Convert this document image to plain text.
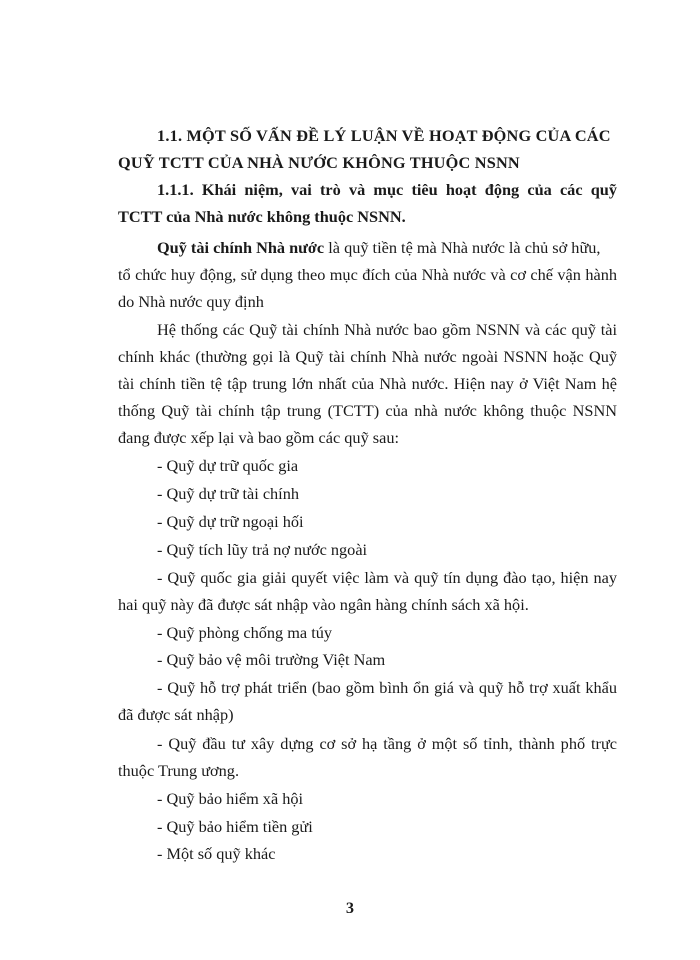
1.1. MỘT SỐ VẤN ĐỀ LÝ LUẬN VỀ HOẠT ĐỘNG CỦA CÁC
QUỸ TCTT CỦA NHÀ NƯỚC KHÔNG THUỘC NSNN
1.1.1. Khái niệm, vai trò và mục tiêu hoạt động của các quỹ
TCTT của Nhà nước không thuộc NSNN.
Quỹ tài chính Nhà nước là quỹ tiền tệ mà Nhà nước là chủ sở hữu,
tổ chức huy động, sử dụng theo mục đích của Nhà nước và cơ chế vận hành
do Nhà nước quy định
Hệ thống các Quỹ tài chính Nhà nước bao gồm NSNN và các quỹ tài
chính khác (thường gọi là Quỹ tài chính Nhà nước ngoài NSNN hoặc Quỹ
tài chính tiền tệ tập trung lớn nhất của Nhà nước. Hiện nay ở Việt Nam hệ
thống Quỹ tài chính tập trung (TCTT) của nhà nước không thuộc NSNN
đang được xếp lại và bao gồm các quỹ sau:
- Quỹ dự trữ quốc gia
- Quỹ dự trữ tài chính
- Quỹ dự trữ ngoại hối
- Quỹ tích lũy trả nợ nước ngoài
- Quỹ quốc gia giải quyết việc làm và quỹ tín dụng đào tạo, hiện nay
hai quỹ này đã được sát nhập vào ngân hàng chính sách xã hội.
- Quỹ phòng chống ma túy
- Quỹ bảo vệ môi trường Việt Nam
- Quỹ hỗ trợ phát triển (bao gồm bình ổn giá và quỹ hỗ trợ xuất khẩu
đã được sát nhập)
- Quỹ đầu tư xây dựng cơ sở hạ tầng ở một số tỉnh, thành phố trực
thuộc Trung ương.
- Quỹ bảo hiểm xã hội
- Quỹ bảo hiểm tiền gửi
- Một số quỹ khác
3
